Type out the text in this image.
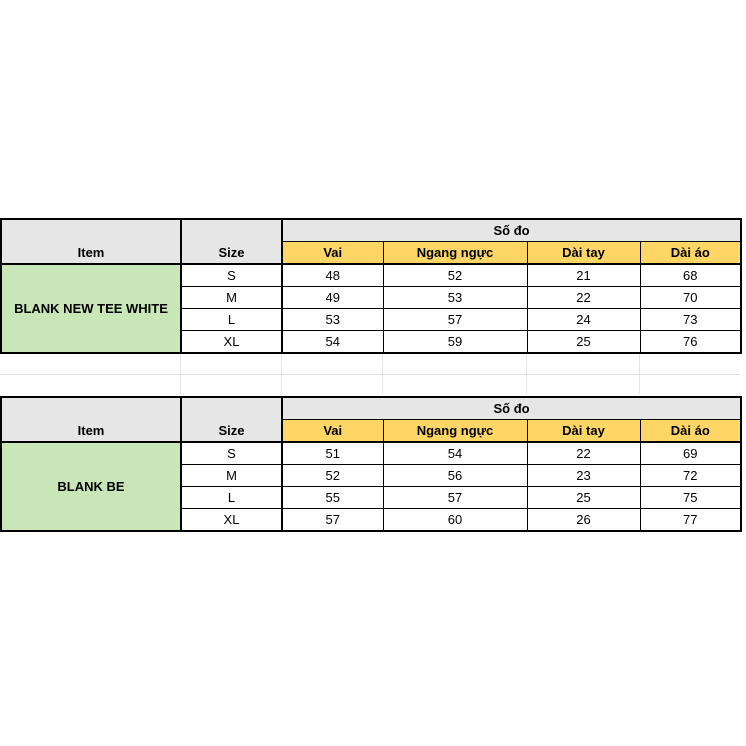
Item	Size	Số đo			
		Vai	Ngang ngực	Dài tay	Dài áo
BLANK NEW TEE WHITE	S	48	52	21	68
	M	49	53	22	70
	L	53	57	24	73
	XL	54	59	25	76
Item	Size	Số đo			
		Vai	Ngang ngực	Dài tay	Dài áo
BLANK BE	S	51	54	22	69
	M	52	56	23	72
	L	55	57	25	75
	XL	57	60	26	77
